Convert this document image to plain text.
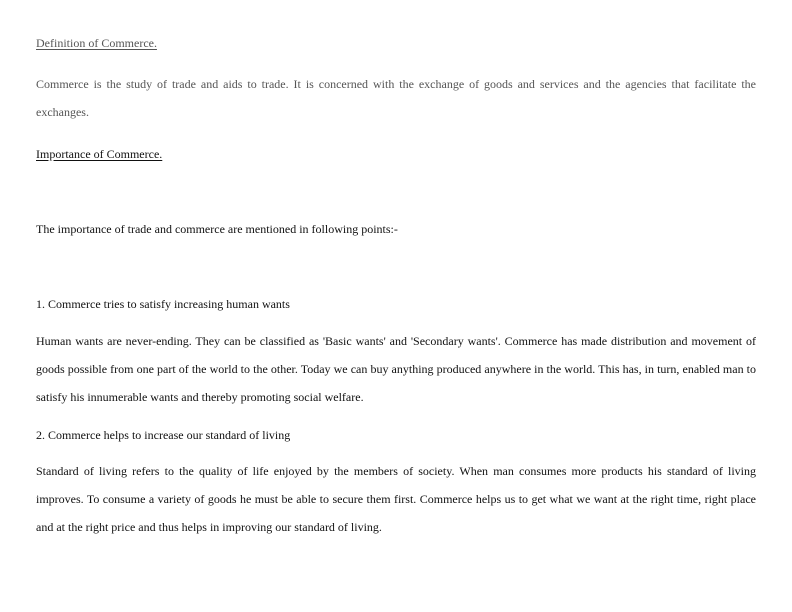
Definition of Commerce.

Commerce is the study of trade and aids to trade. It is concerned with the exchange of goods and services and the agencies that facilitate the exchanges.

Importance of Commerce.

The importance of trade and commerce are mentioned in following points:-

1. Commerce tries to satisfy increasing human wants

Human wants are never-ending. They can be classified as 'Basic wants' and 'Secondary wants'. Commerce has made distribution and movement of goods possible from one part of the world to the other. Today we can buy anything produced anywhere in the world. This has, in turn, enabled man to satisfy his innumerable wants and thereby promoting social welfare.

2. Commerce helps to increase our standard of living

Standard of living refers to the quality of life enjoyed by the members of society. When man consumes more products his standard of living improves. To consume a variety of goods he must be able to secure them first. Commerce helps us to get what we want at the right time, right place and at the right price and thus helps in improving our standard of living.
